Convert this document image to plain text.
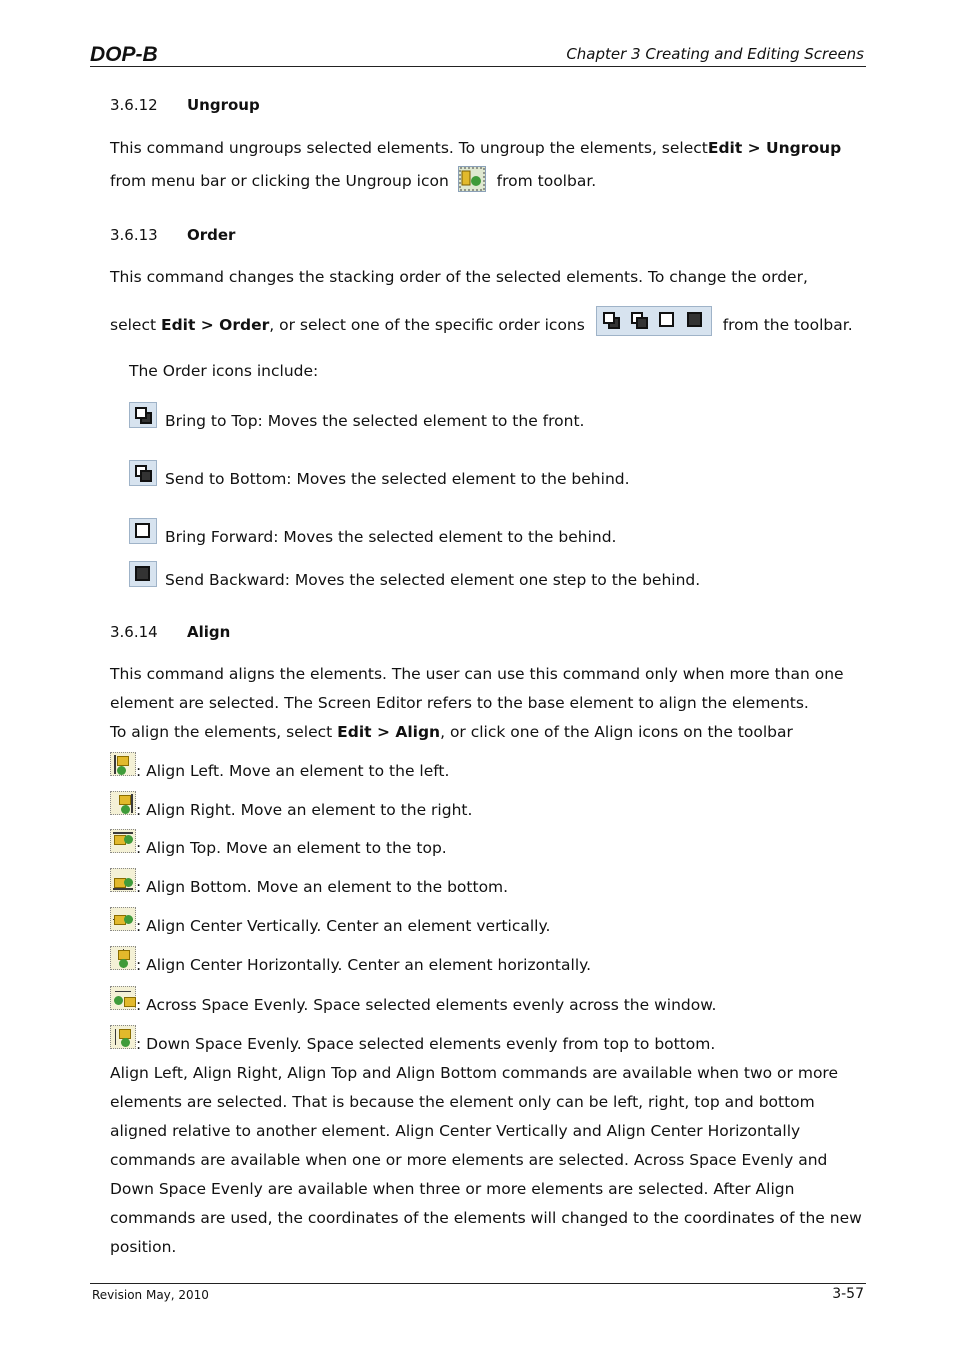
DOP-B	Chapter 3 Creating and Editing Screens
3.6.12 Ungroup
This command ungroups selected elements. To ungroup the elements, select Edit > Ungroup
from menu bar or clicking the Ungroup icon from toolbar.
3.6.13 Order
This command changes the stacking order of the selected elements. To change the order,
select Edit > Order , or select one of the specific order icons	from the toolbar.
The Order icons include:
Bring to Top: Moves the selected element to the front.
Send to Bottom: Moves the selected element to the behind.
Bring Forward: Moves the selected element to the behind.
Send Backward: Moves the selected element one step to the behind.
3.6.14 Align
This command aligns the elements. The user can use this command only when more than one element are selected. The Screen Editor refers to the base element to align the elements.
To align the elements, select Edit > Align , or click one of the Align icons on the toolbar
: Align Left. Move an element to the left.
: Align Right. Move an element to the right.
: Align Top. Move an element to the top.
: Align Bottom. Move an element to the bottom.
: Align Center Vertically. Center an element vertically.
: Align Center Horizontally. Center an element horizontally.
: Across Space Evenly. Space selected elements evenly across the window.
: Down Space Evenly. Space selected elements evenly from top to bottom.
Align Left, Align Right, Align Top and Align Bottom commands are available when two or more elements are selected. That is because the element only can be left, right, top and bottom aligned relative to another element. Align Center Vertically and Align Center Horizontally commands are available when one or more elements are selected. Across Space Evenly and Down Space Evenly are available when three or more elements are selected. After Align commands are used, the coordinates of the elements will changed to the coordinates of the new position.
Revision May, 2010	3-57
